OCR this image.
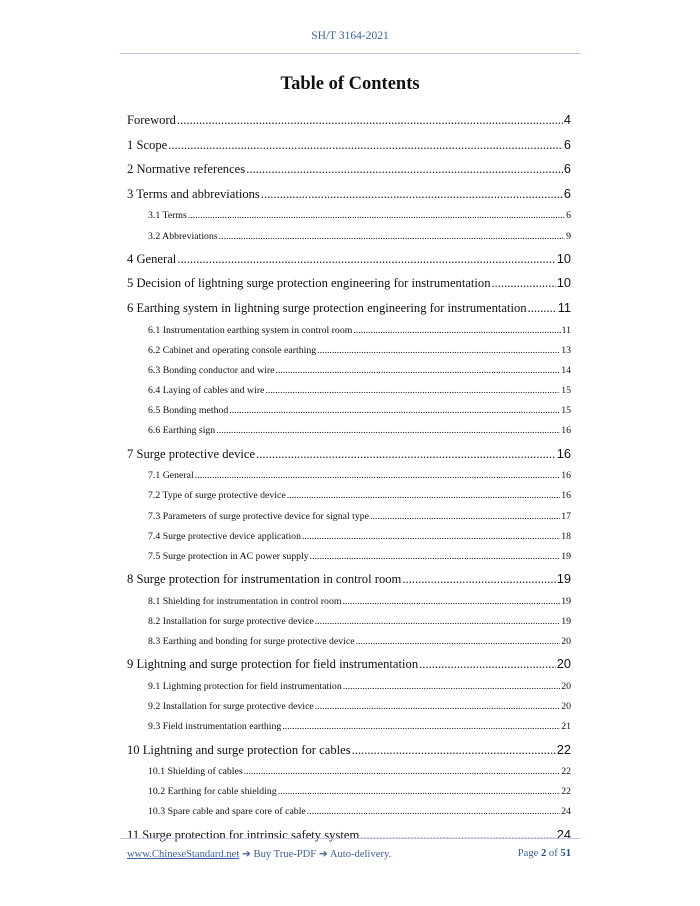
SH/T 3164-2021
Table of Contents
Foreword .....	4
1 Scope .....	6
2 Normative references .....	6
3 Terms and abbreviations .....	6
3.1 Terms .....	6
3.2 Abbreviations .....	9
4 General .....	10
5 Decision of lightning surge protection engineering for instrumentation .....	10
6 Earthing system in lightning surge protection engineering for instrumentation ..... 11
6.1 Instrumentation earthing system in control room .....	11
6.2 Cabinet and operating console earthing .....	13
6.3 Bonding conductor and wire .....	14
6.4 Laying of cables and wire .....	15
6.5 Bonding method .....	15
6.6 Earthing sign .....	16
7 Surge protective device .....	16
7.1 General .....	16
7.2 Type of surge protective device .....	16
7.3 Parameters of surge protective device for signal type .....	17
7.4 Surge protective device application .....	18
7.5 Surge protection in AC power supply .....	19
8 Surge protection for instrumentation in control room .....	19
8.1 Shielding for instrumentation in control room .....	19
8.2 Installation for surge protective device .....	19
8.3 Earthing and bonding for surge protective device .....	20
9 Lightning and surge protection for field instrumentation .....	20
9.1 Lightning protection for field instrumentation .....	20
9.2 Installation for surge protective device .....	20
9.3 Field instrumentation earthing .....	21
10 Lightning and surge protection for cables .....	22
10.1 Shielding of cables .....	22
10.2 Earthing for cable shielding .....	22
10.3 Spare cable and spare core of cable .....	24
11 Surge protection for intrinsic safety system .....	24
www.ChineseStandard.net ➔ Buy True-PDF ➔ Auto-delivery.	Page 2 of 51
